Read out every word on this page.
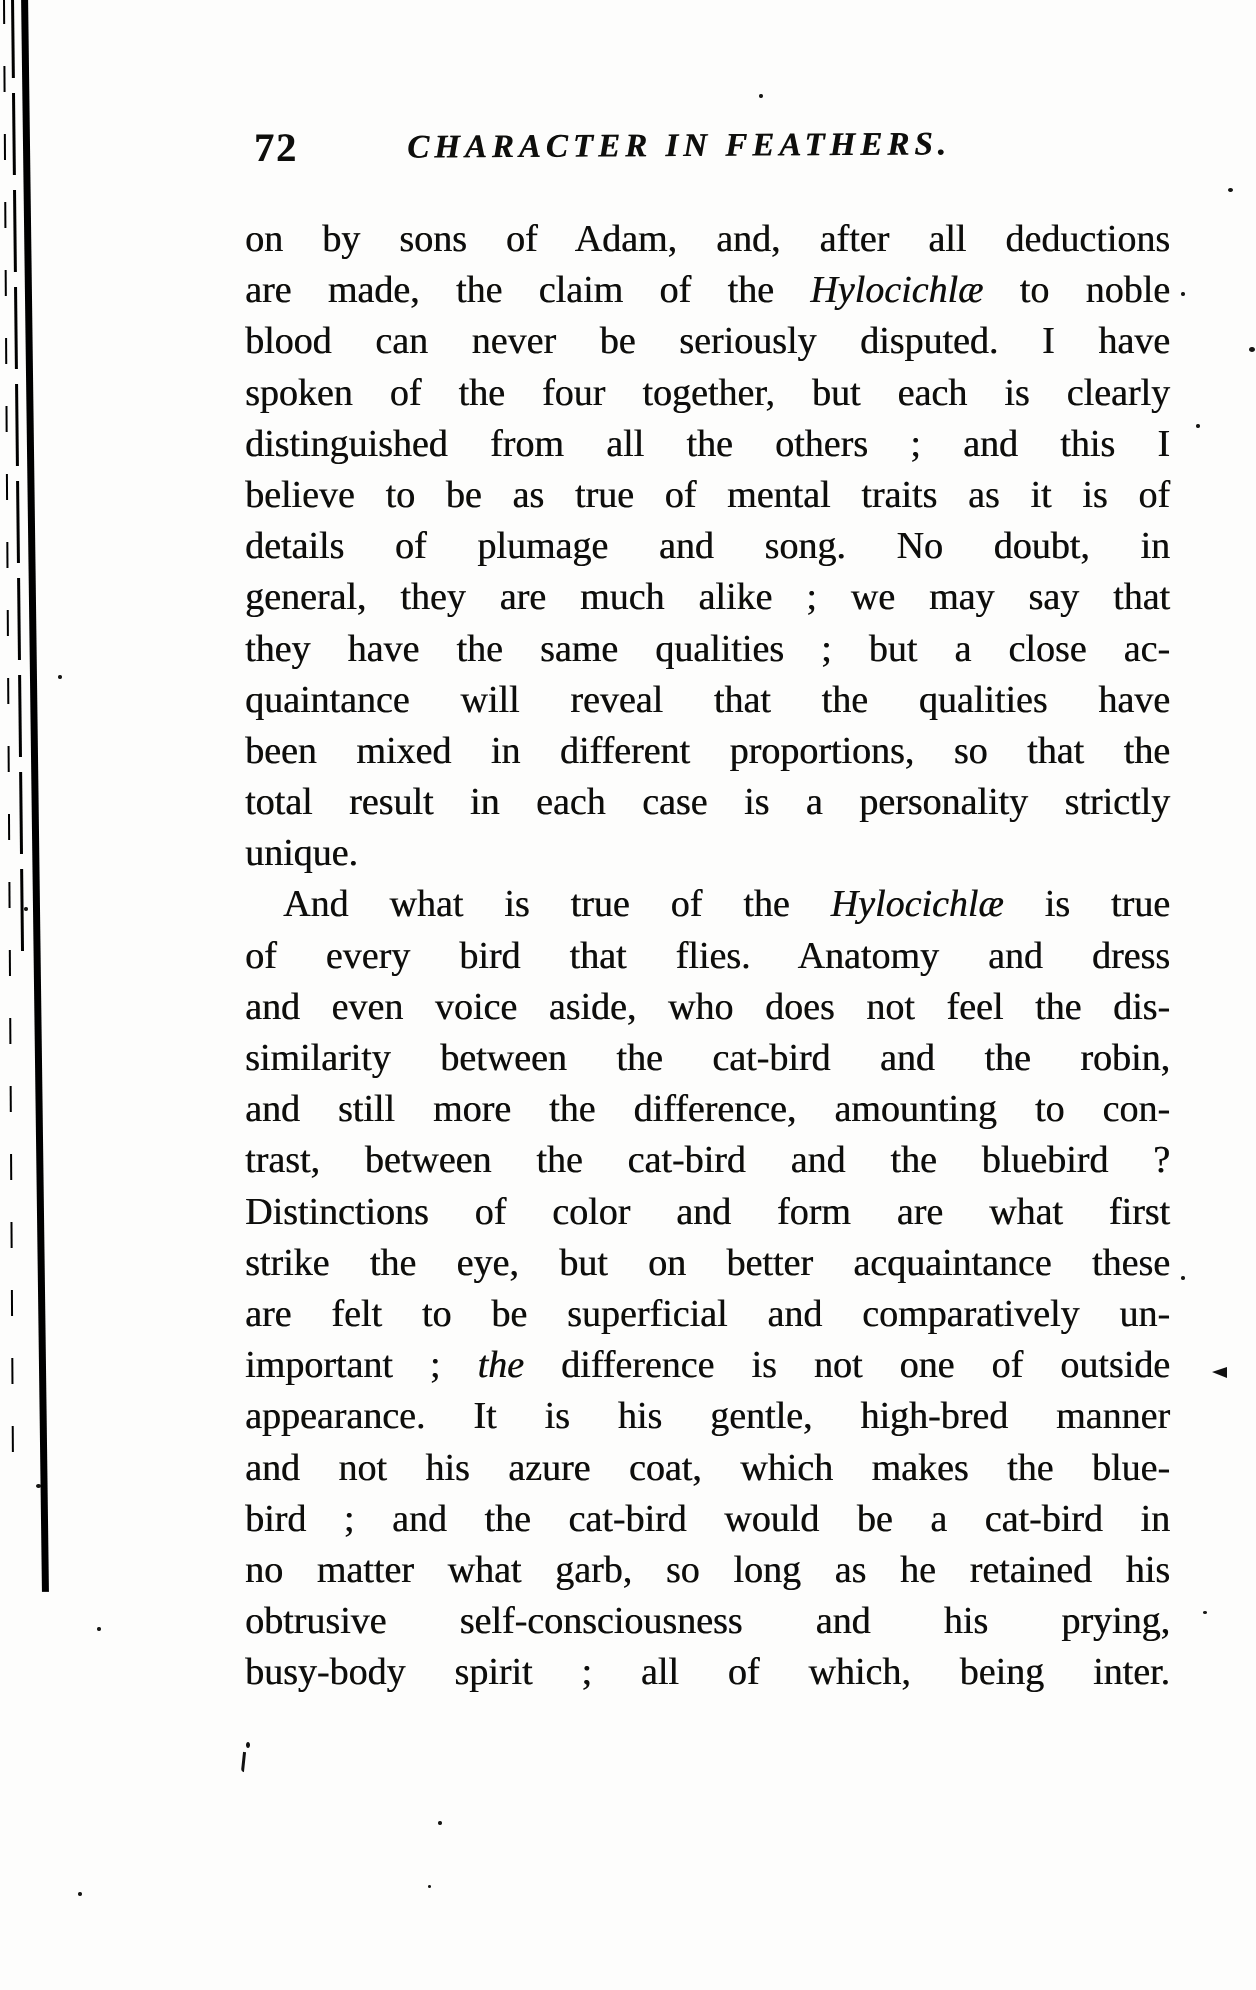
72	CHARACTER IN FEATHERS.
on by sons of Adam, and, after all deductions
are made, the claim of the Hylocichlæ to noble
blood can never be seriously disputed. I have
spoken of the four together, but each is clearly
distinguished from all the others ; and this I
believe to be as true of mental traits as it is of
details of plumage and song. No doubt, in
general, they are much alike ; we may say that
they have the same qualities ; but a close ac-
quaintance will reveal that the qualities have
been mixed in different proportions, so that the
total result in each case is a personality strictly
unique.
And what is true of the Hylocichlæ is true
of every bird that flies. Anatomy and dress
and even voice aside, who does not feel the dis-
similarity between the cat-bird and the robin,
and still more the difference, amounting to con-
trast, between the cat-bird and the bluebird ?
Distinctions of color and form are what first
strike the eye, but on better acquaintance these
are felt to be superficial and comparatively un-
important ; the difference is not one of outside
appearance. It is his gentle, high-bred manner
and not his azure coat, which makes the blue-
bird ; and the cat-bird would be a cat-bird in
no matter what garb, so long as he retained his
obtrusive self-consciousness and his prying,
busy-body spirit ; all of which, being inter.
